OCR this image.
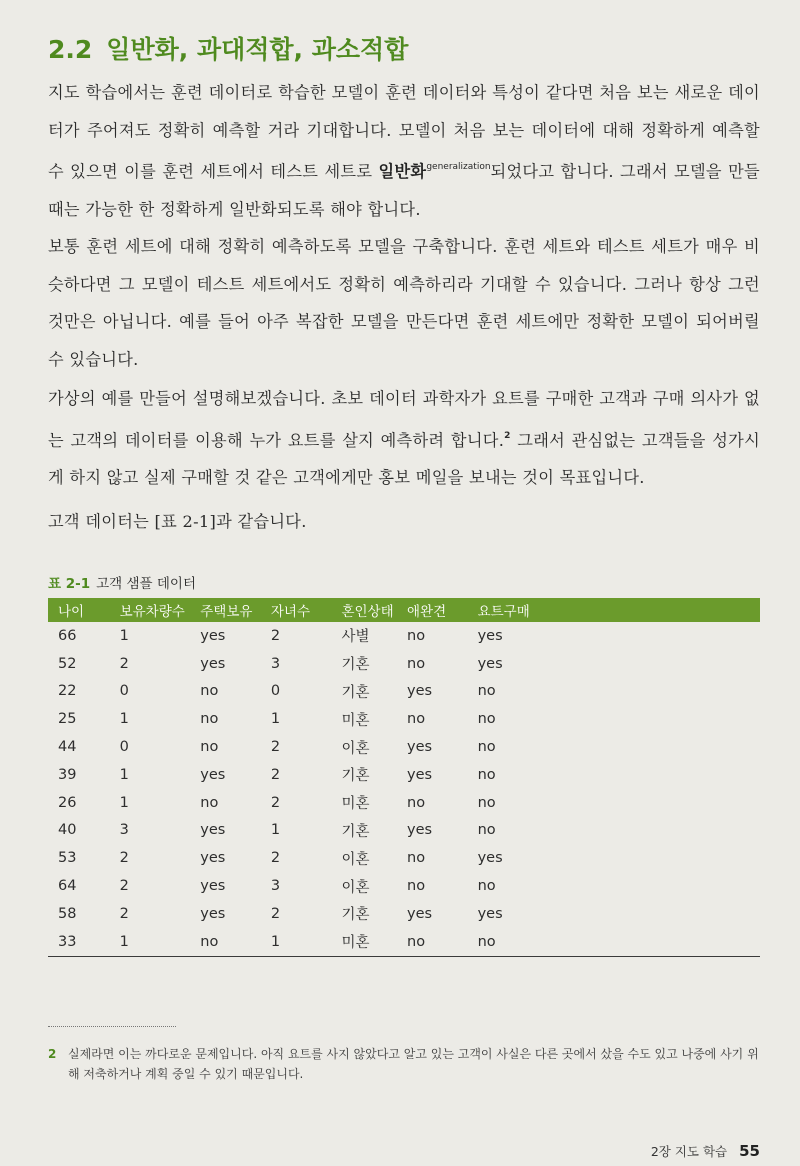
2.2 일반화, 과대적합, 과소적합

지도 학습에서는 훈련 데이터로 학습한 모델이 훈련 데이터와 특성이 같다면 처음 보는 새로운 데이터가 주어져도 정확히 예측할 거라 기대합니다. 모델이 처음 보는 데이터에 대해 정확하게 예측할 수 있으면 이를 훈련 세트에서 테스트 세트로 일반화$^{generalization}$되었다고 합니다. 그래서 모델을 만들 때는 가능한 한 정확하게 일반화되도록 해야 합니다.

보통 훈련 세트에 대해 정확히 예측하도록 모델을 구축합니다. 훈련 세트와 테스트 세트가 매우 비슷하다면 그 모델이 테스트 세트에서도 정확히 예측하리라 기대할 수 있습니다. 그러나 항상 그런 것만은 아닙니다. 예를 들어 아주 복잡한 모델을 만든다면 훈련 세트에만 정확한 모델이 되어버릴 수 있습니다.

가상의 예를 만들어 설명해보겠습니다. 초보 데이터 과학자가 요트를 구매한 고객과 구매 의사가 없는 고객의 데이터를 이용해 누가 요트를 살지 예측하려 합니다.$^2$ 그래서 관심없는 고객들을 성가시게 하지 않고 실제 구매할 것 같은 고객에게만 홍보 메일을 보내는 것이 목표입니다.

고객 데이터는 [표 2-1]과 같습니다.

표 2-1 고객 샘플 데이터
나이	보유차량수	주택보유	자녀수	혼인상태	애완견	요트구매
66	1	yes	2	사별	no	yes
52	2	yes	3	기혼	no	yes
22	0	no	0	기혼	yes	no
25	1	no	1	미혼	no	no
44	0	no	2	이혼	yes	no
39	1	yes	2	기혼	yes	no
26	1	no	2	미혼	no	no
40	3	yes	1	기혼	yes	no
53	2	yes	2	이혼	no	yes
64	2	yes	3	이혼	no	no
58	2	yes	2	기혼	yes	yes
33	1	no	1	미혼	no	no
2 실제라면 이는 까다로운 문제입니다. 아직 요트를 사지 않았다고 알고 있는 고객이 사실은 다른 곳에서 샀을 수도 있고 나중에 사기 위해 저축하거나 계획 중일 수 있기 때문입니다.
2장 지도 학습 55
